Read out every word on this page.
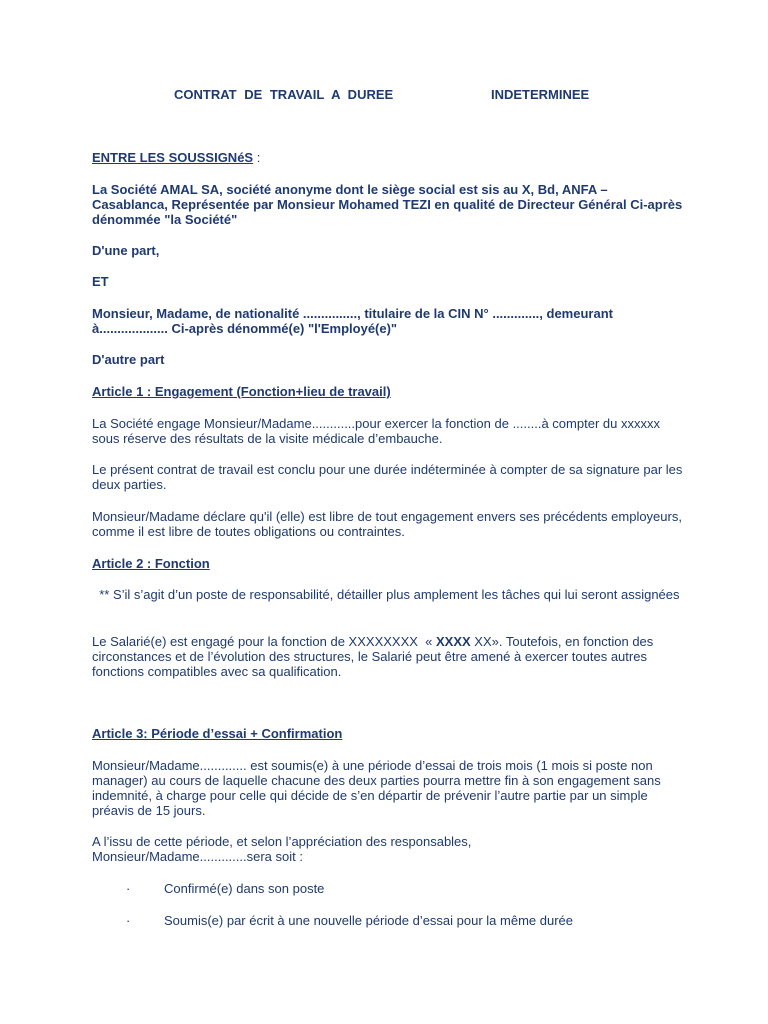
CONTRAT DE TRAVAIL A DUREE	INDETERMINEE
ENTRE LES SOUSSIGNéS :
La Société AMAL SA, société anonyme dont le siège social est sis au X, Bd, ANFA – Casablanca, Représentée par Monsieur Mohamed TEZI en qualité de Directeur Général Ci-après dénommée "la Société"
D'une part,
ET
Monsieur, Madame, de nationalité ..............., titulaire de la CIN N° ............., demeurant à................... Ci-après dénommé(e) "l'Employé(e)"
D'autre part
Article 1 : Engagement (Fonction+lieu de travail)
La Société engage Monsieur/Madame............pour exercer la fonction de ........à compter du xxxxxx sous réserve des résultats de la visite médicale d’embauche.
Le présent contrat de travail est conclu pour une durée indéterminée à compter de sa signature par les deux parties.
Monsieur/Madame déclare qu'il (elle) est libre de tout engagement envers ses précédents employeurs, comme il est libre de toutes obligations ou contraintes.
Article 2 : Fonction
** S’il s’agit d’un poste de responsabilité, détailler plus amplement les tâches qui lui seront assignées
Le Salarié(e) est engagé pour la fonction de XXXXXXXX  « XXXX XX». Toutefois, en fonction des circonstances et de l’évolution des structures, le Salarié peut être amené à exercer toutes autres fonctions compatibles avec sa qualification.
Article 3: Période d’essai + Confirmation
Monsieur/Madame............. est soumis(e) à une période d’essai de trois mois (1 mois si poste non manager) au cours de laquelle chacune des deux parties pourra mettre fin à son engagement sans indemnité, à charge pour celle qui décide de s’en départir de prévenir l’autre partie par un simple préavis de 15 jours.
A l’issu de cette période, et selon l’appréciation des responsables, Monsieur/Madame.............sera soit :
·	Confirmé(e) dans son poste
·	Soumis(e) par écrit à une nouvelle période d’essai pour la même durée
